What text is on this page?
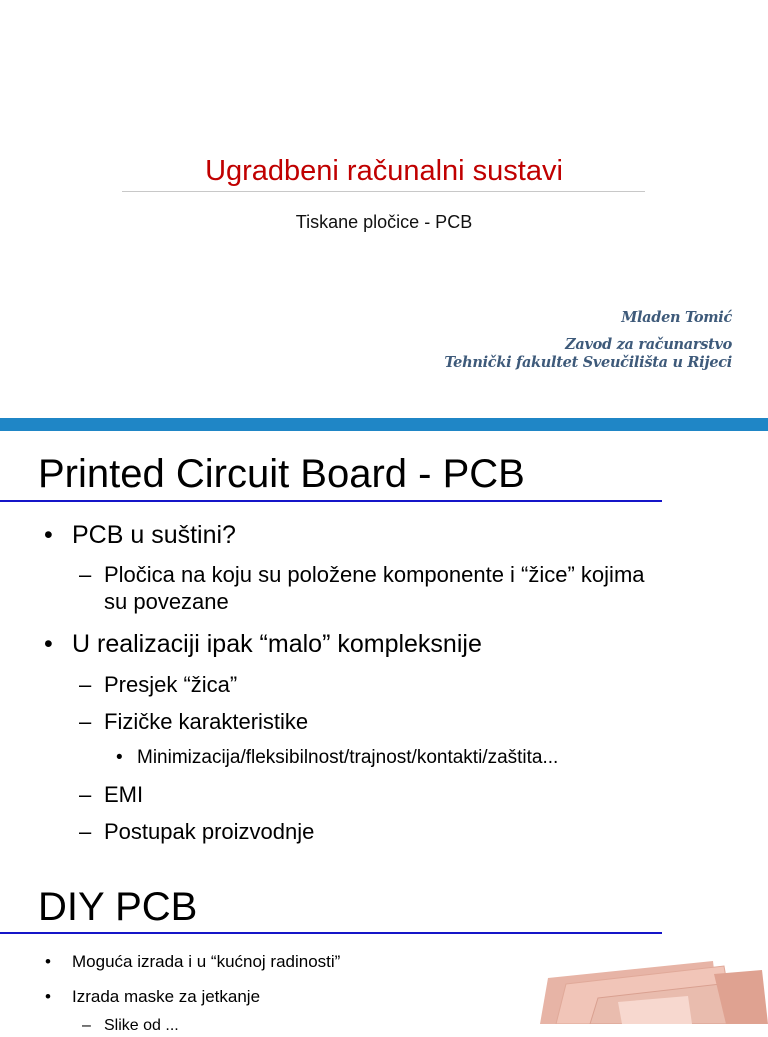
Ugradbeni računalni sustavi
Tiskane pločice - PCB
Mladen Tomić
Zavod za računarstvo
Tehnički fakultet Sveučilišta u Rijeci
Printed Circuit Board - PCB
• PCB u suštini?
– Pločica na koju su položene komponente i “žice” kojima
su povezane
• U realizaciji ipak “malo” kompleksnije
– Presjek “žica”
– Fizičke karakteristike
• Minimizacija/fleksibilnost/trajnost/kontakti/zaštita...
– EMI
– Postupak proizvodnje
DIY PCB
• Moguća izrada i u “kućnoj radinosti”
• Izrada maske za jetkanje
– Slike od ...
